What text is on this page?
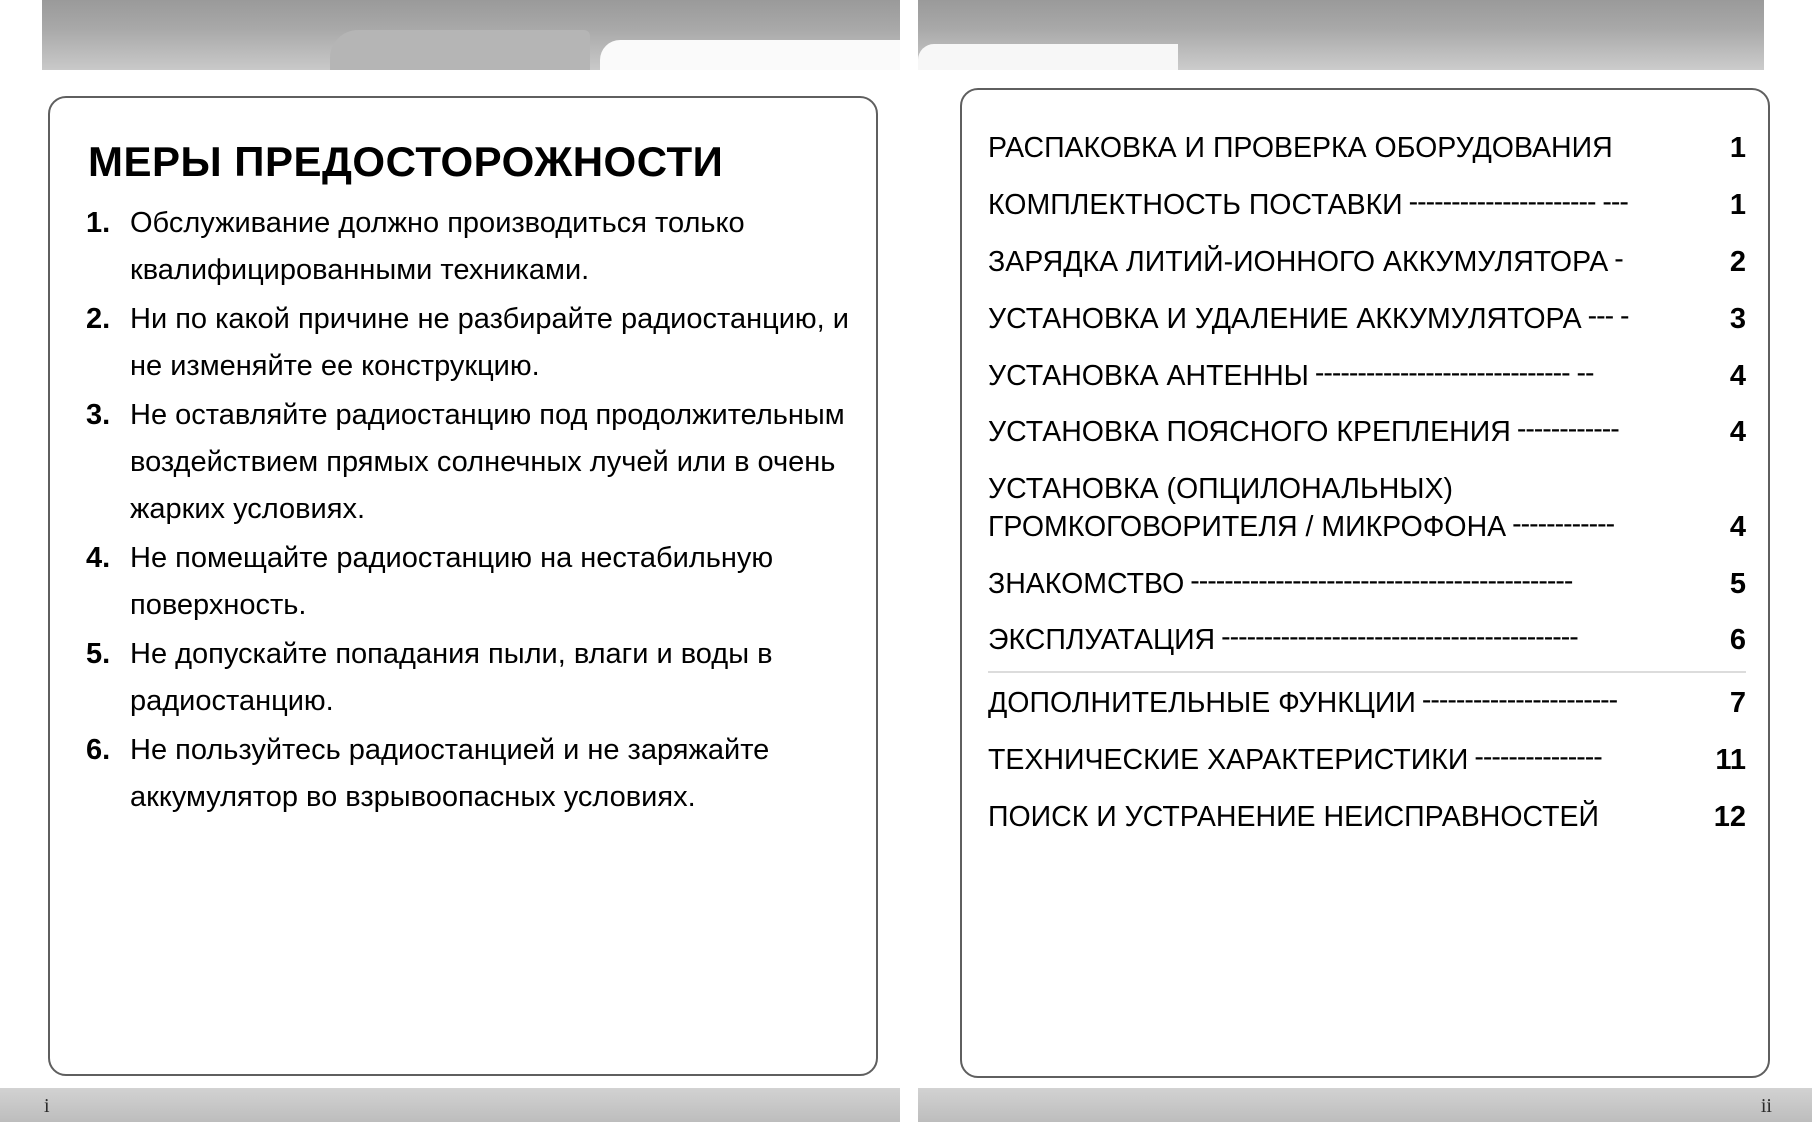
МЕРЫ ПРЕДОСТОРОЖНОСТИ
1. Обслуживание должно производиться только квалифицированными техниками.
2. Ни по какой причине не разбирайте радиостанцию, и не изменяйте ее конструкцию.
3. Не оставляйте радиостанцию под продолжительным воздействием прямых солнечных лучей или в очень жарких условиях.
4. Не помещайте радиостанцию на нестабильную поверхность.
5. Не допускайте попадания пыли, влаги и воды в радиостанцию.
6. Не пользуйтесь радиостанцией и не заряжайте аккумулятор во взрывоопасных условиях.
РАСПАКОВКА И ПРОВЕРКА ОБОРУДОВАНИЯ	1
КОМПЛЕКТНОСТЬ ПОСТАВКИ ---------------------- ---	1
ЗАРЯДКА ЛИТИЙ-ИОННОГО АККУМУЛЯТОРА -	2
УСТАНОВКА И УДАЛЕНИЕ АККУМУЛЯТОРА --- -	3
УСТАНОВКА АНТЕННЫ ------------------------------ --	4
УСТАНОВКА ПОЯСНОГО КРЕПЛЕНИЯ ------------	4
УСТАНОВКА (ОПЦИЛОНАЛЬНЫХ)
ГРОМКОГОВОРИТЕЛЯ / МИКРОФОНА ------------	4
ЗНАКОМСТВО ---------------------------------------------	5
ЭКСПЛУАТАЦИЯ ------------------------------------------	6
ДОПОЛНИТЕЛЬНЫЕ ФУНКЦИИ -----------------------	7
ТЕХНИЧЕСКИЕ ХАРАКТЕРИСТИКИ ---------------	11
ПОИСК И УСТРАНЕНИЕ НЕИСПРАВНОСТЕЙ	12
i	ii
